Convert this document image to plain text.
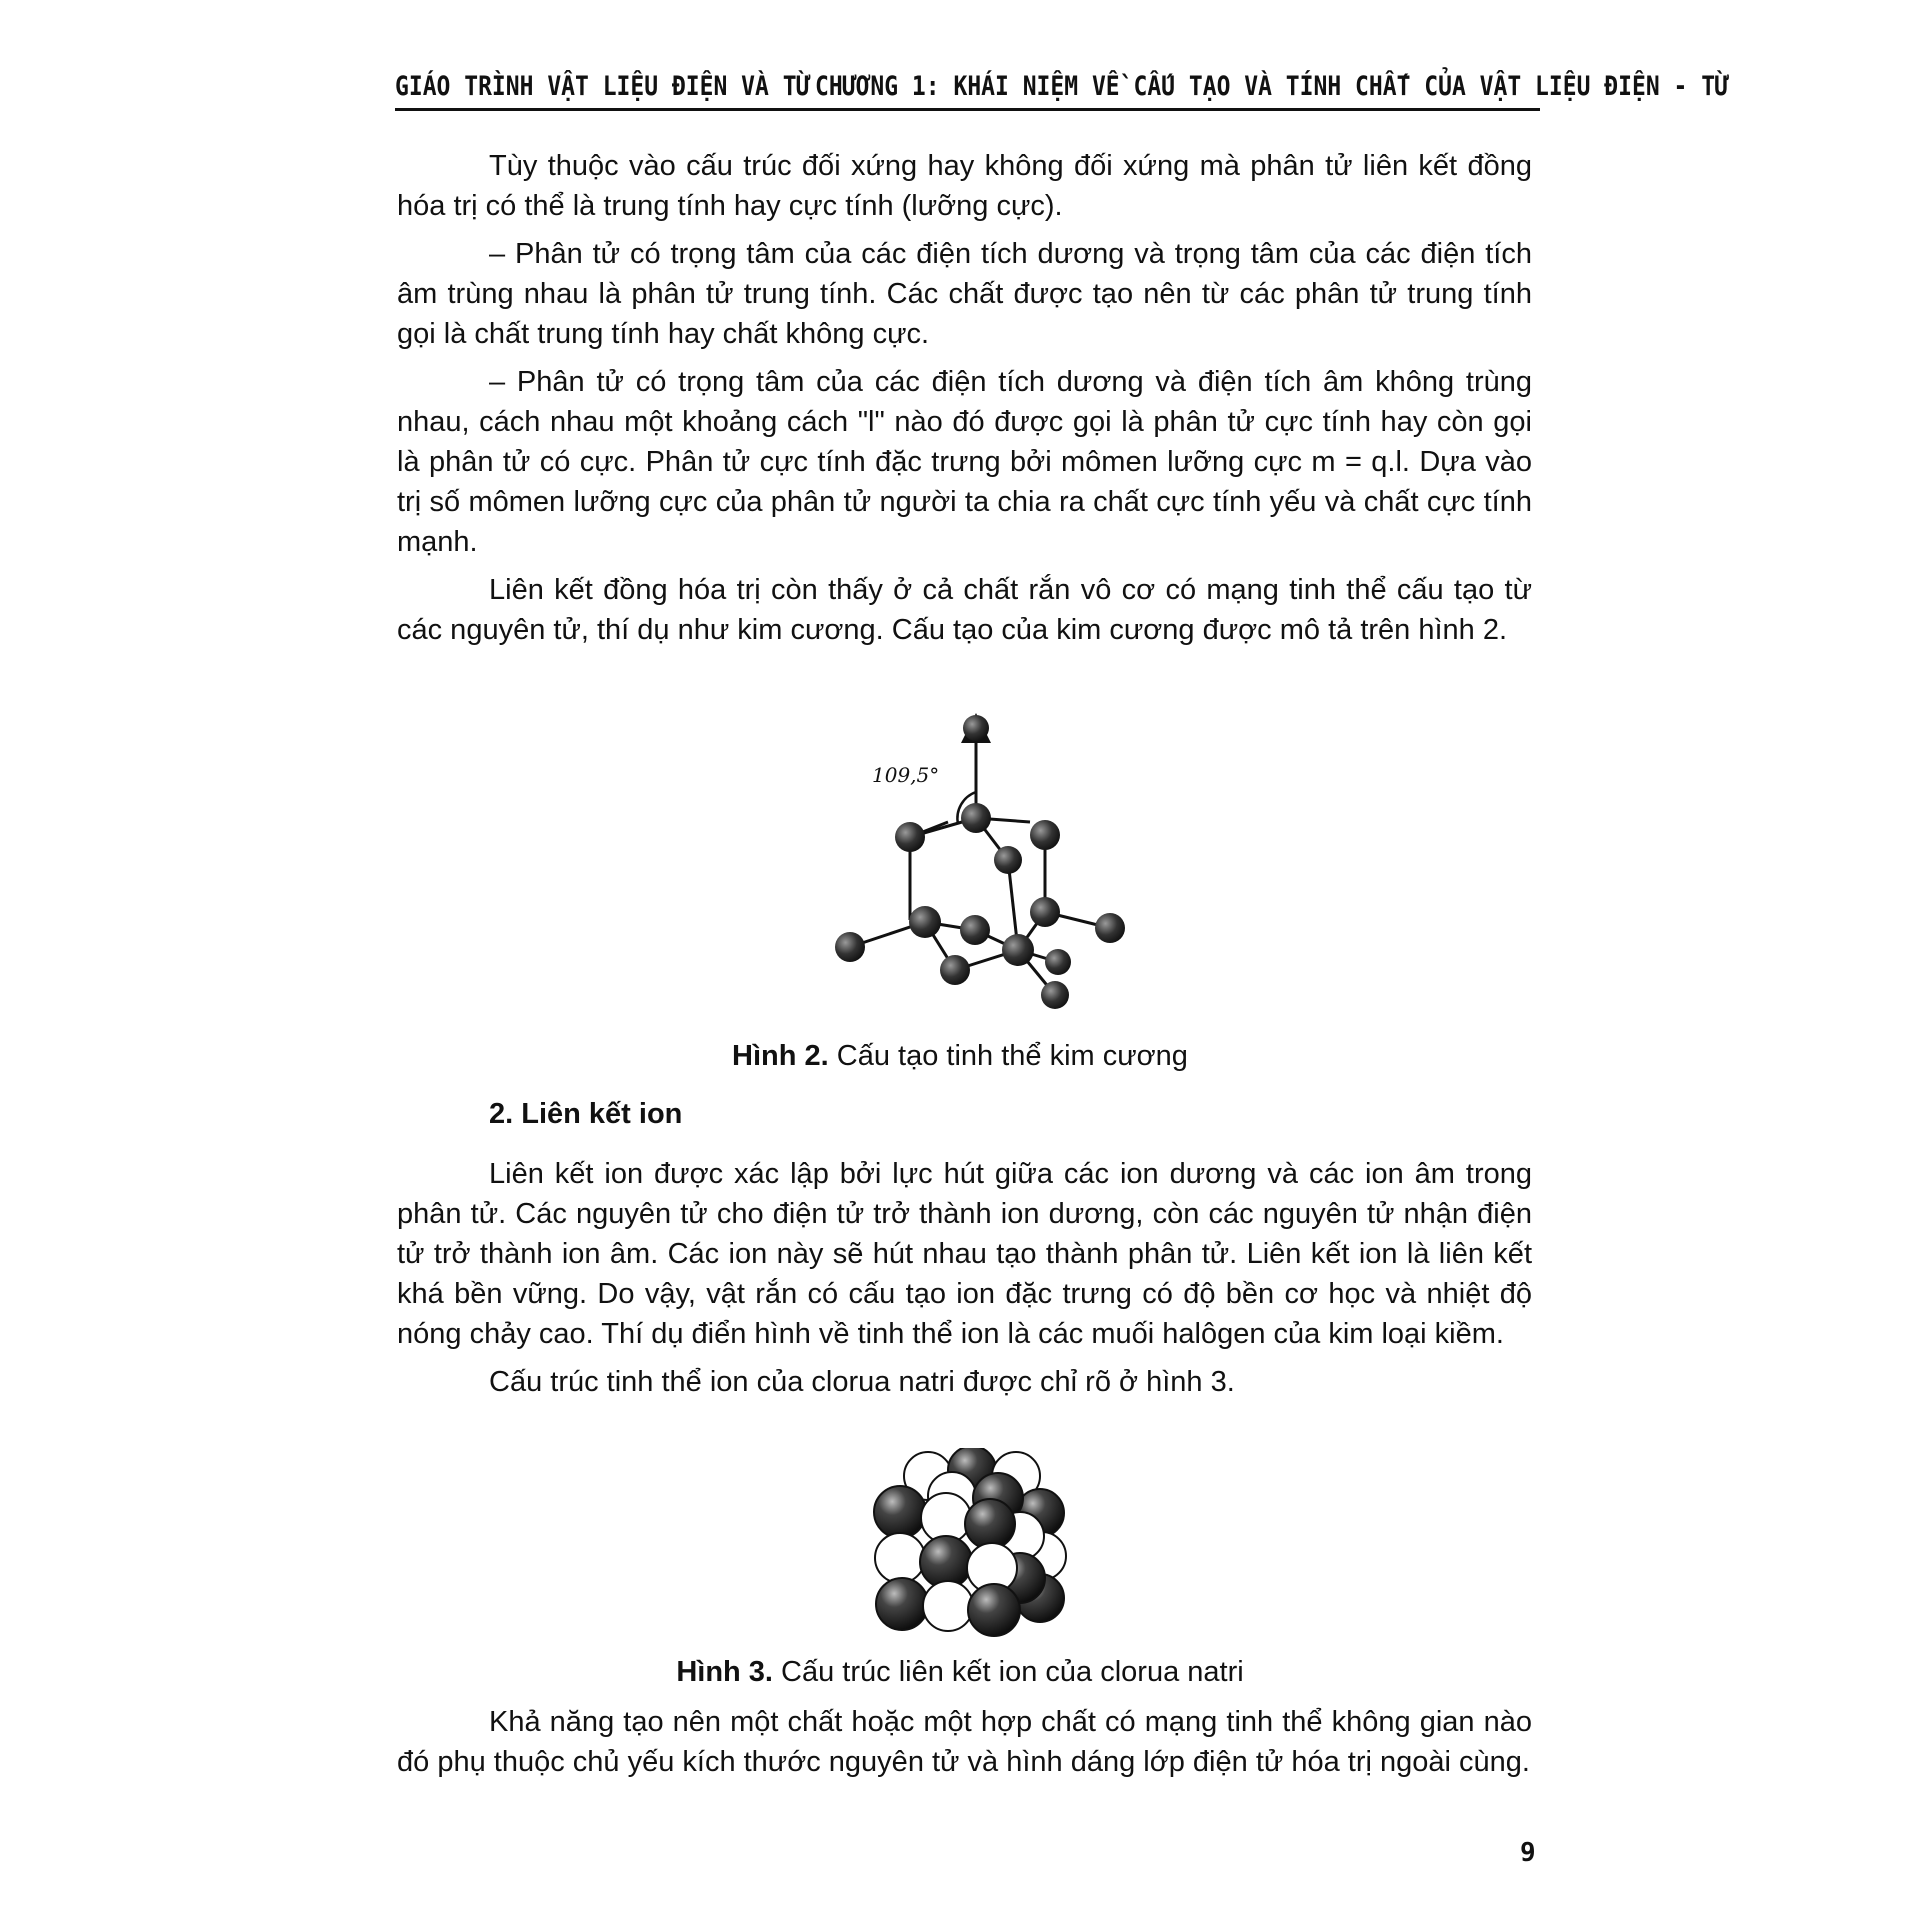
GIÁO TRÌNH VẬT LIỆU ĐIỆN VÀ TỪ CHƯƠNG 1: KHÁI NIỆM VỀ CẤU TẠO VÀ TÍNH CHẤT CỦA VẬT LIỆU ĐIỆN - TỪ

Tùy thuộc vào cấu trúc đối xứng hay không đối xứng mà phân tử liên kết đồng hóa trị có thể là trung tính hay cực tính (lưỡng cực).

– Phân tử có trọng tâm của các điện tích dương và trọng tâm của các điện tích âm trùng nhau là phân tử trung tính. Các chất được tạo nên từ các phân tử trung tính gọi là chất trung tính hay chất không cực.

– Phân tử có trọng tâm của các điện tích dương và điện tích âm không trùng nhau, cách nhau một khoảng cách "l" nào đó được gọi là phân tử cực tính hay còn gọi là phân tử có cực. Phân tử cực tính đặc trưng bởi mômen lưỡng cực m = q.l. Dựa vào trị số mômen lưỡng cực của phân tử người ta chia ra chất cực tính yếu và chất cực tính mạnh.

Liên kết đồng hóa trị còn thấy ở cả chất rắn vô cơ có mạng tinh thể cấu tạo từ các nguyên tử, thí dụ như kim cương. Cấu tạo của kim cương được mô tả trên hình 2.

109,5°
Hình 2. Cấu tạo tinh thể kim cương
2. Liên kết ion

Liên kết ion được xác lập bởi lực hút giữa các ion dương và các ion âm trong phân tử. Các nguyên tử cho điện tử trở thành ion dương, còn các nguyên tử nhận điện tử trở thành ion âm. Các ion này sẽ hút nhau tạo thành phân tử. Liên kết ion là liên kết khá bền vững. Do vậy, vật rắn có cấu tạo ion đặc trưng có độ bền cơ học và nhiệt độ nóng chảy cao. Thí dụ điển hình về tinh thể ion là các muối halôgen của kim loại kiềm.

Cấu trúc tinh thể ion của clorua natri được chỉ rõ ở hình 3.

Hình 3. Cấu trúc liên kết ion của clorua natri

Khả năng tạo nên một chất hoặc một hợp chất có mạng tinh thể không gian nào đó phụ thuộc chủ yếu kích thước nguyên tử và hình dáng lớp điện tử hóa trị ngoài cùng.

9
